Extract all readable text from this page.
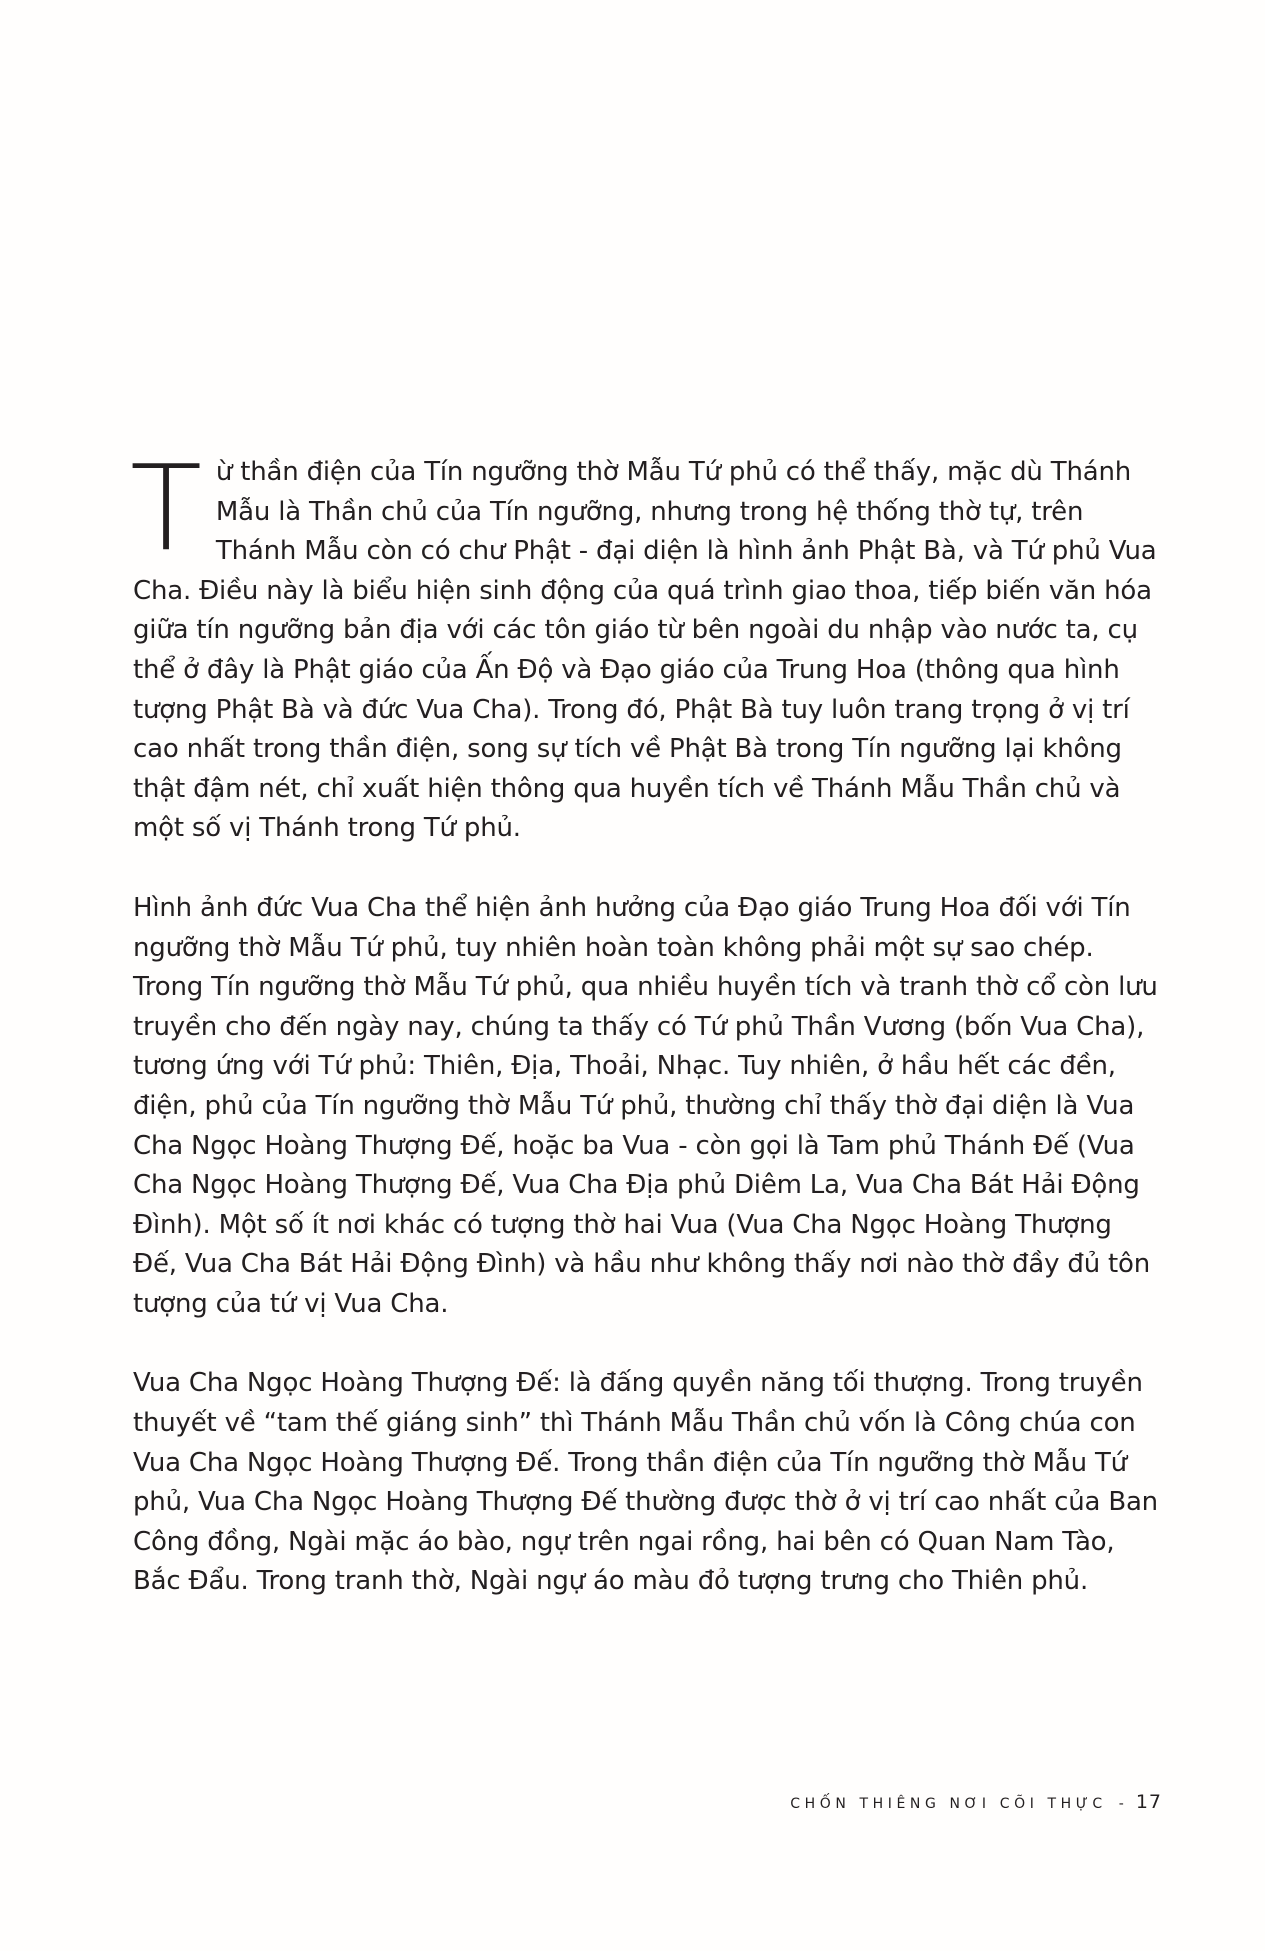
Từ thần điện của Tín ngưỡng thờ Mẫu Tứ phủ có thể thấy, mặc dù Thánh Mẫu là Thần chủ của Tín ngưỡng, nhưng trong hệ thống thờ tự, trên Thánh Mẫu còn có chư Phật - đại diện là hình ảnh Phật Bà, và Tứ phủ Vua Cha. Điều này là biểu hiện sinh động của quá trình giao thoa, tiếp biến văn hóa giữa tín ngưỡng bản địa với các tôn giáo từ bên ngoài du nhập vào nước ta, cụ thể ở đây là Phật giáo của Ấn Độ và Đạo giáo của Trung Hoa (thông qua hình tượng Phật Bà và đức Vua Cha). Trong đó, Phật Bà tuy luôn trang trọng ở vị trí cao nhất trong thần điện, song sự tích về Phật Bà trong Tín ngưỡng lại không thật đậm nét, chỉ xuất hiện thông qua huyền tích về Thánh Mẫu Thần chủ và một số vị Thánh trong Tứ phủ.

Hình ảnh đức Vua Cha thể hiện ảnh hưởng của Đạo giáo Trung Hoa đối với Tín ngưỡng thờ Mẫu Tứ phủ, tuy nhiên hoàn toàn không phải một sự sao chép. Trong Tín ngưỡng thờ Mẫu Tứ phủ, qua nhiều huyền tích và tranh thờ cổ còn lưu truyền cho đến ngày nay, chúng ta thấy có Tứ phủ Thần Vương (bốn Vua Cha), tương ứng với Tứ phủ: Thiên, Địa, Thoải, Nhạc. Tuy nhiên, ở hầu hết các đền, điện, phủ của Tín ngưỡng thờ Mẫu Tứ phủ, thường chỉ thấy thờ đại diện là Vua Cha Ngọc Hoàng Thượng Đế, hoặc ba Vua - còn gọi là Tam phủ Thánh Đế (Vua Cha Ngọc Hoàng Thượng Đế, Vua Cha Địa phủ Diêm La, Vua Cha Bát Hải Động Đình). Một số ít nơi khác có tượng thờ hai Vua (Vua Cha Ngọc Hoàng Thượng Đế, Vua Cha Bát Hải Động Đình) và hầu như không thấy nơi nào thờ đầy đủ tôn tượng của tứ vị Vua Cha.

Vua Cha Ngọc Hoàng Thượng Đế: là đấng quyền năng tối thượng. Trong truyền thuyết về “tam thế giáng sinh” thì Thánh Mẫu Thần chủ vốn là Công chúa con Vua Cha Ngọc Hoàng Thượng Đế. Trong thần điện của Tín ngưỡng thờ Mẫu Tứ phủ, Vua Cha Ngọc Hoàng Thượng Đế thường được thờ ở vị trí cao nhất của Ban Công đồng, Ngài mặc áo bào, ngự trên ngai rồng, hai bên có Quan Nam Tào, Bắc Đẩu. Trong tranh thờ, Ngài ngự áo màu đỏ tượng trưng cho Thiên phủ.

CHỐN THIÊNG NƠI CÕI THỰC - 17
